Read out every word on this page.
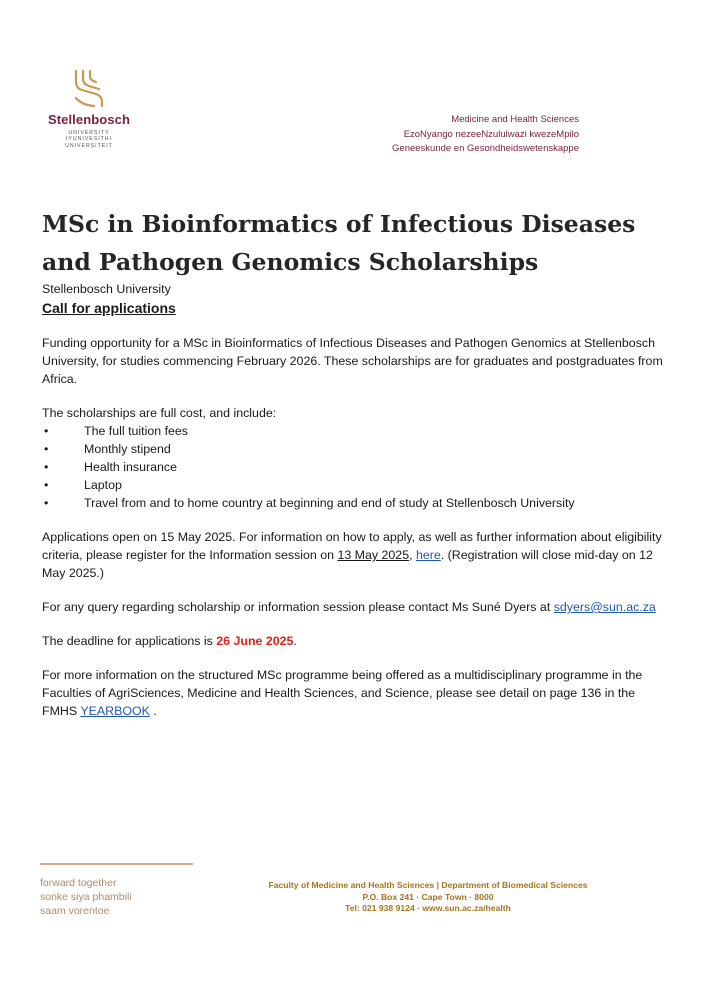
Stellenbosch
UNIVERSITY
IYUNIVESITHI
UNIVERSITEIT
Medicine and Health Sciences
EzoNyango nezeeNzululwazi kwezeMpilo
Geneeskunde en Gesondheidswetenskappe
MSc in Bioinformatics of Infectious Diseases and Pathogen Genomics Scholarships

Stellenbosch University

Call for applications

Funding opportunity for a MSc in Bioinformatics of Infectious Diseases and Pathogen Genomics at Stellenbosch University, for studies commencing February 2026. These scholarships are for graduates and postgraduates from Africa.

The scholarships are full cost, and include:

• The full tuition fees
• Monthly stipend
• Health insurance
• Laptop
• Travel from and to home country at beginning and end of study at Stellenbosch University

Applications open on 15 May 2025. For information on how to apply, as well as further information about eligibility criteria, please register for the Information session on 13 May 2025, here. (Registration will close mid-day on 12 May 2025.)

For any query regarding scholarship or information session please contact Ms Suné Dyers at sdyers@sun.ac.za

The deadline for applications is 26 June 2025.

For more information on the structured MSc programme being offered as a multidisciplinary programme in the Faculties of AgriSciences, Medicine and Health Sciences, and Science, please see detail on page 136 in the FMHS YEARBOOK .

forward together
sonke siya phambili
saam vorentoe
Faculty of Medicine and Health Sciences | Department of Biomedical Sciences
P.O. Box 241 · Cape Town · 8000
Tel: 021 938 9124 · www.sun.ac.za/health
